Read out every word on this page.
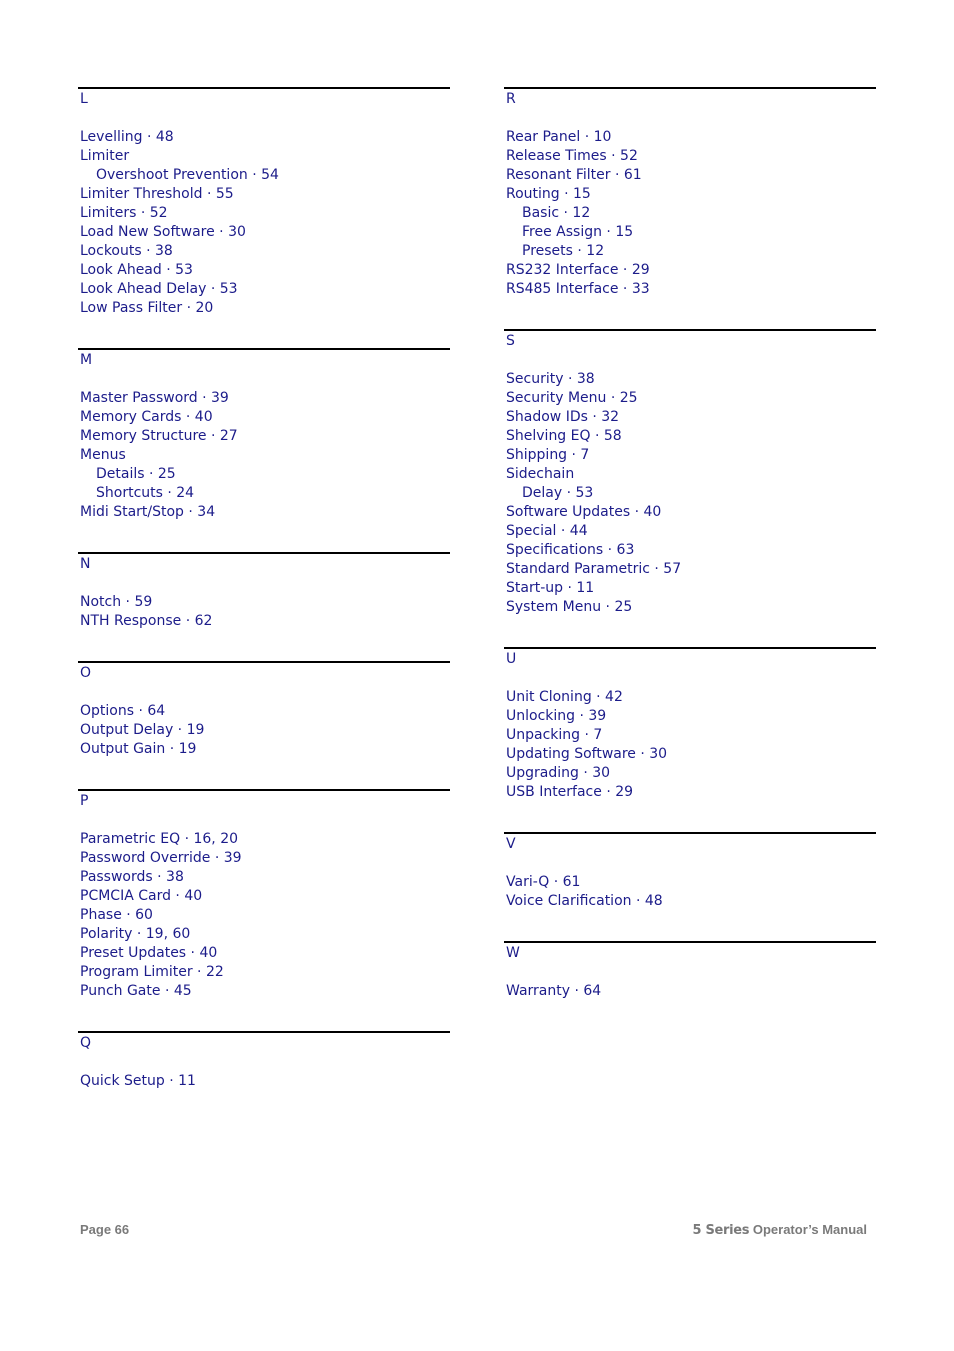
L
Levelling · 48
Limiter
Overshoot Prevention · 54
Limiter Threshold · 55
Limiters · 52
Load New Software · 30
Lockouts · 38
Look Ahead · 53
Look Ahead Delay · 53
Low Pass Filter · 20
M
Master Password · 39
Memory Cards · 40
Memory Structure · 27
Menus
Details · 25
Shortcuts · 24
Midi Start/Stop · 34
N
Notch · 59
NTH Response · 62
O
Options · 64
Output Delay · 19
Output Gain · 19
P
Parametric EQ · 16, 20
Password Override · 39
Passwords · 38
PCMCIA Card · 40
Phase · 60
Polarity · 19, 60
Preset Updates · 40
Program Limiter · 22
Punch Gate · 45
Q
Quick Setup · 11
R
Rear Panel · 10
Release Times · 52
Resonant Filter · 61
Routing · 15
Basic · 12
Free Assign · 15
Presets · 12
RS232 Interface · 29
RS485 Interface · 33
S
Security · 38
Security Menu · 25
Shadow IDs · 32
Shelving EQ · 58
Shipping · 7
Sidechain
Delay · 53
Software Updates · 40
Special · 44
Specifications · 63
Standard Parametric · 57
Start-up · 11
System Menu · 25
U
Unit Cloning · 42
Unlocking · 39
Unpacking · 7
Updating Software · 30
Upgrading · 30
USB Interface · 29
V
Vari-Q · 61
Voice Clarification · 48
W
Warranty · 64
Page 66	5 Series Operator’s Manual
